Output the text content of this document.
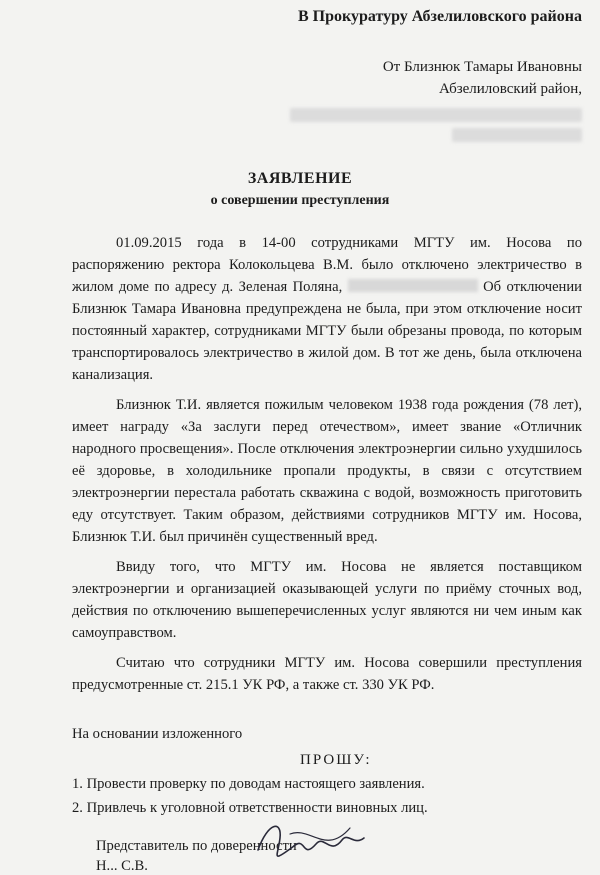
В Прокуратуру Абзелиловского района
От Близнюк Тамары Ивановны
Абзелиловский район,
ЗАЯВЛЕНИЕ
о совершении преступления

01.09.2015 года в 14-00 сотрудниками МГТУ им. Носова по распоряжению ректора Колокольцева В.М. было отключено электричество в жилом доме по адресу д. Зеленая Поляна,	Об отключении Близнюк Тамара Ивановна предупреждена не была, при этом отключение носит постоянный характер, сотрудниками МГТУ были обрезаны провода, по которым транспортировалось электричество в жилой дом. В тот же день, была отключена канализация.

Близнюк Т.И. является пожилым человеком 1938 года рождения (78 лет), имеет награду «За заслуги перед отечеством», имеет звание «Отличник народного просвещения». После отключения электроэнергии сильно ухудшилось её здоровье, в холодильнике пропали продукты, в связи с отсутствием электроэнергии перестала работать скважина с водой, возможность приготовить еду отсутствует. Таким образом, действиями сотрудников МГТУ им. Носова, Близнюк Т.И. был причинён существенный вред.

Ввиду того, что МГТУ им. Носова не является поставщиком электроэнергии и организацией оказывающей услуги по приёму сточных вод, действия по отключению вышеперечисленных услуг являются ни чем иным как самоуправством.

Считаю что сотрудники МГТУ им. Носова совершили преступления предусмотренные ст. 215.1 УК РФ, а также ст. 330 УК РФ.

На основании изложенного
ПРОШУ:
1. Провести проверку по доводам настоящего заявления.
2. Привлечь к уголовной ответственности виновных лиц.
Представитель по доверенности
Н... С.В.
